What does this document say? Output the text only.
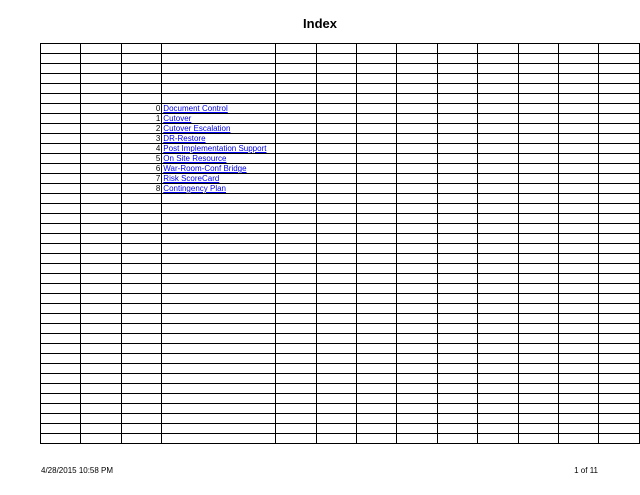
Index

		0	Document Control									
		1	Cutover									
		2	Cutover Escalation									
		3	DR-Restore									
		4	Post Implementation Support									
		5	On Site Resource									
		6	War-Room-Conf Bridge									
		7	Risk ScoreCard									
		8	Contingency Plan									

4/28/2015 10:58 PM	1 of 11
